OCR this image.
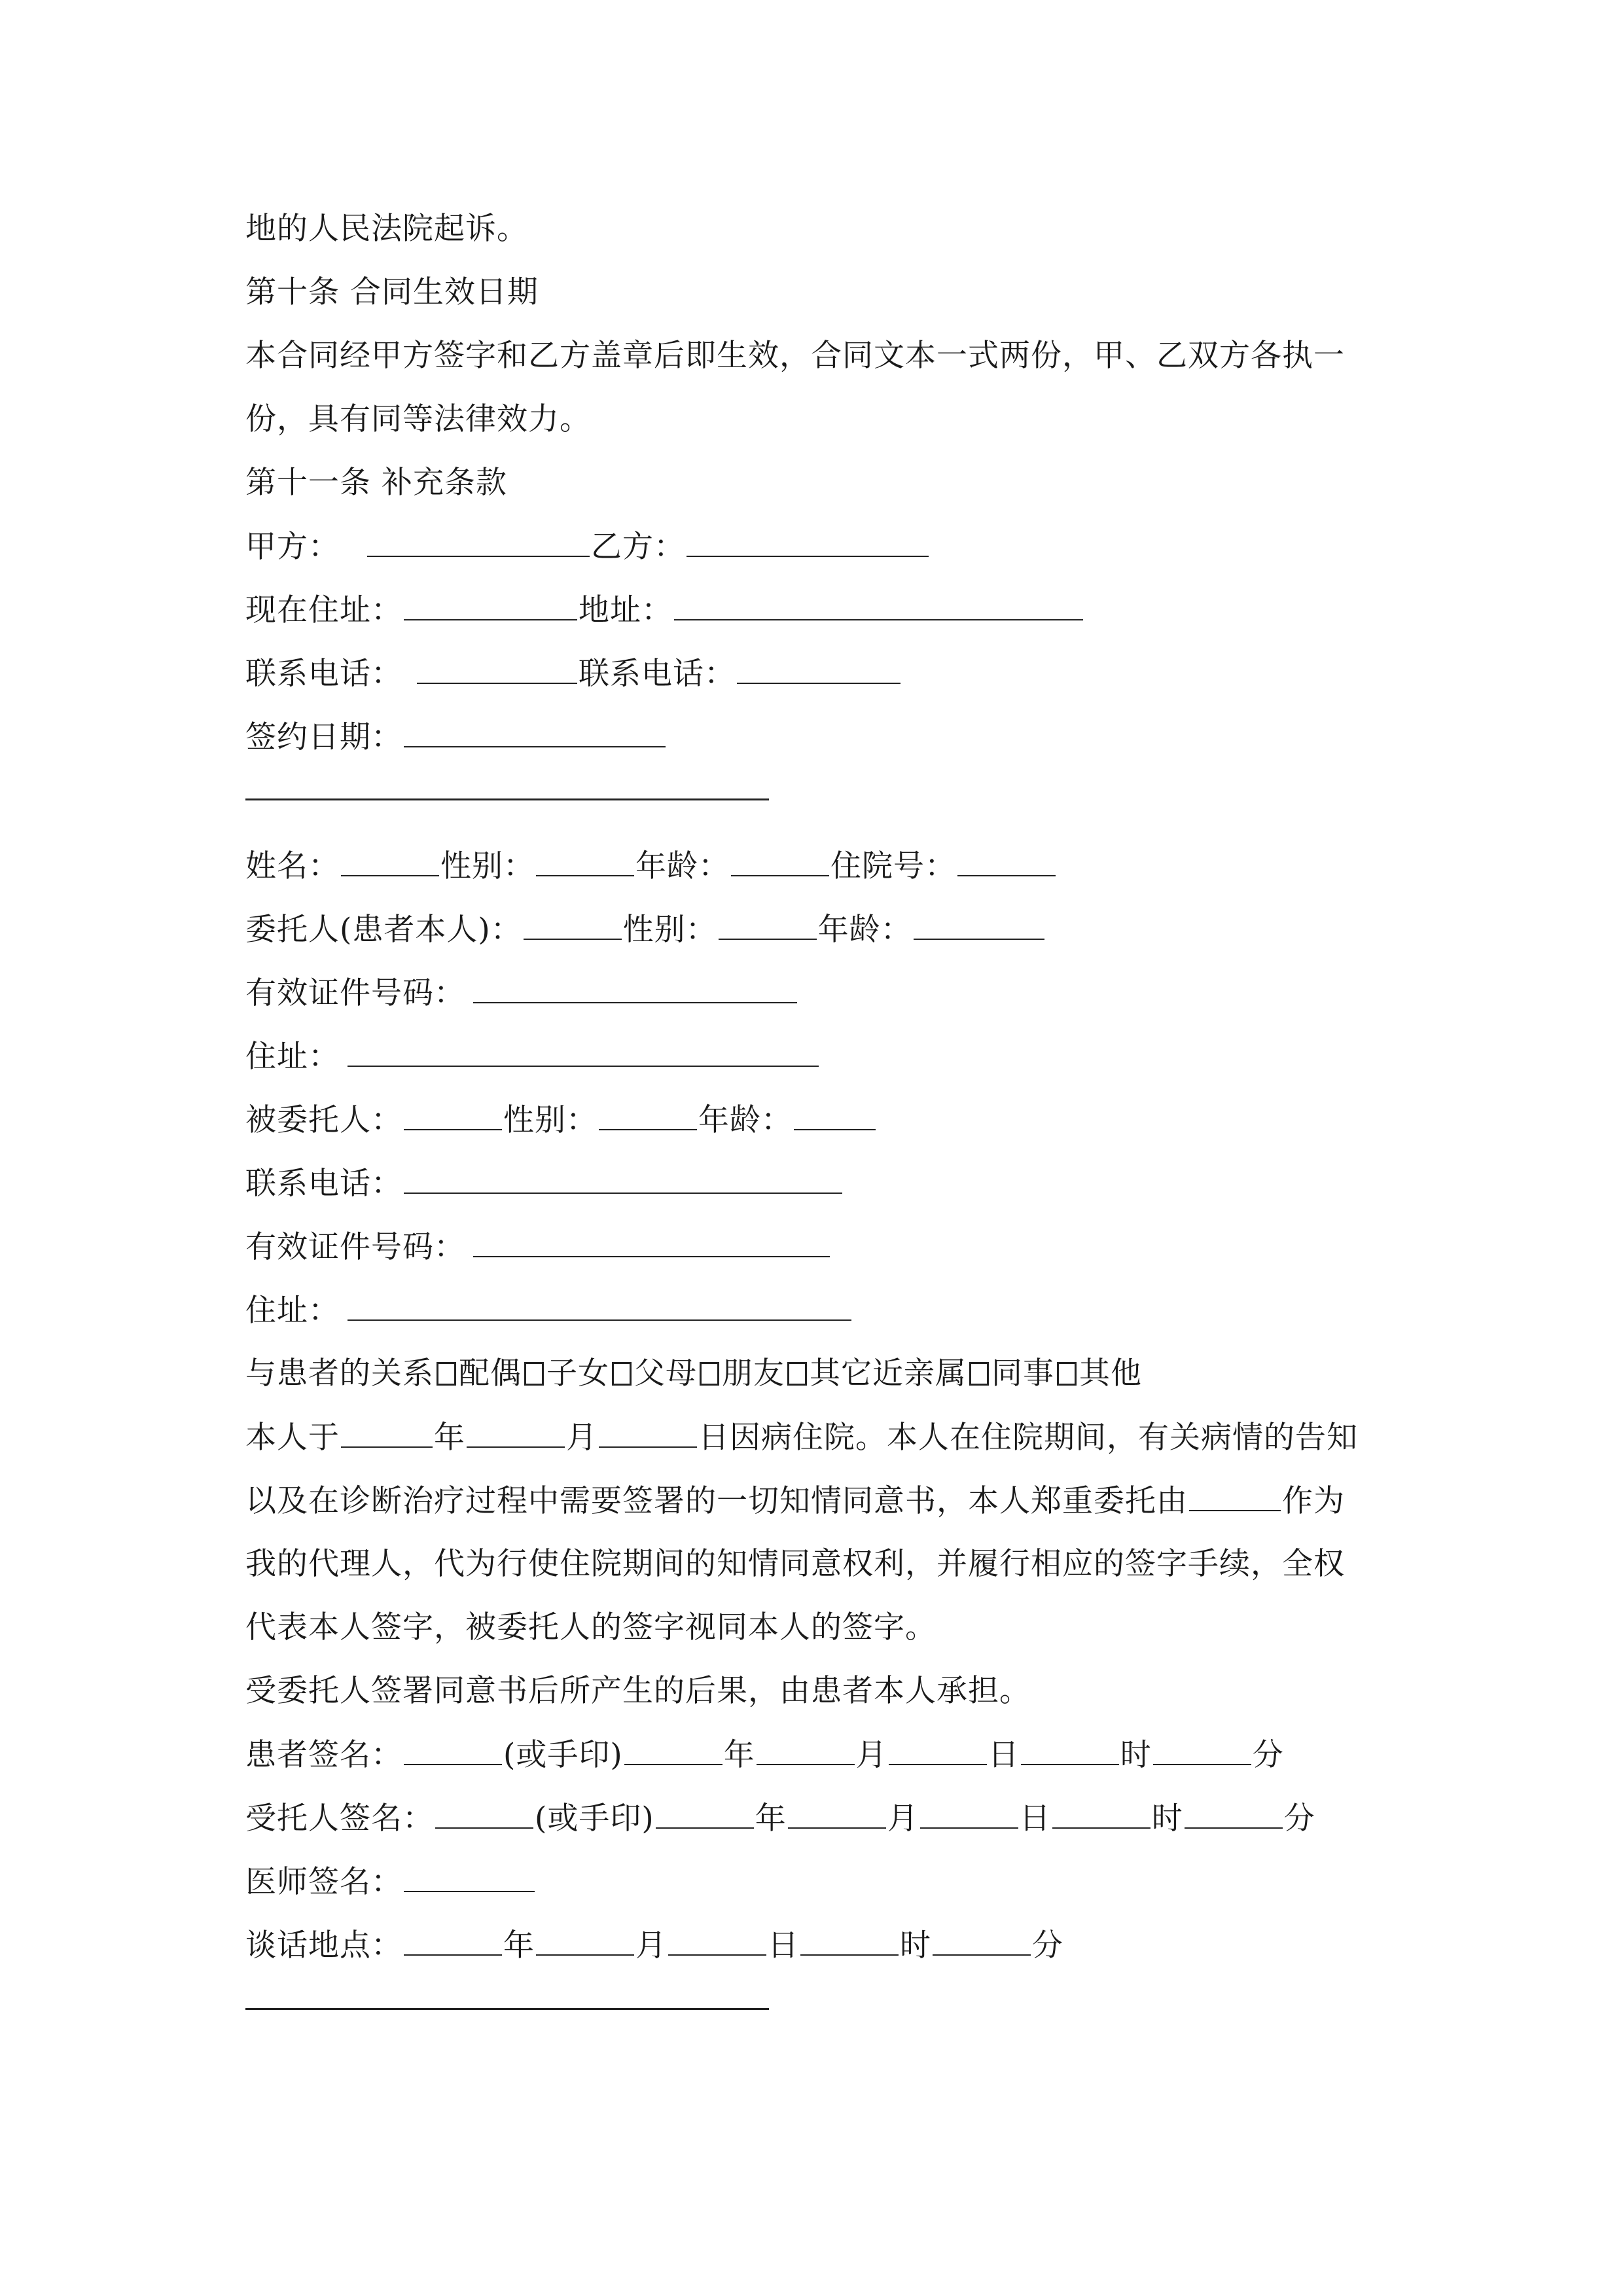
地的人民法院起诉。
第十条 合同生效日期
本合同经甲方签字和乙方盖章后即生效，合同文本一式两份，甲、乙双方各执一
份，具有同等法律效力。
第十一条 补充条款
甲方：	乙方：
现在住址：	地址：
联系电话：	联系电话：
签约日期：
姓名：	性别：	年龄：	住院号：
委托人(患者本人)：	性别：	年龄：
有效证件号码：
住址：
被委托人：	性别：	年龄：
联系电话：
有效证件号码：
住址：
与患者的关系 配偶 子女 父母 朋友 其它近亲属 同事 其他
本人于	年	月	日因病住院。本人在住院期间，有关病情的告知
以及在诊断治疗过程中需要签署的一切知情同意书，本人郑重委托由	作为
我的代理人，代为行使住院期间的知情同意权利，并履行相应的签字手续，全权
代表本人签字，被委托人的签字视同本人的签字。
受委托人签署同意书后所产生的后果，由患者本人承担。
患者签名：	(或手印)	年	月	日	时	分
受托人签名：	(或手印)	年	月	日	时	分
医师签名：
谈话地点：	年	月	日	时	分
